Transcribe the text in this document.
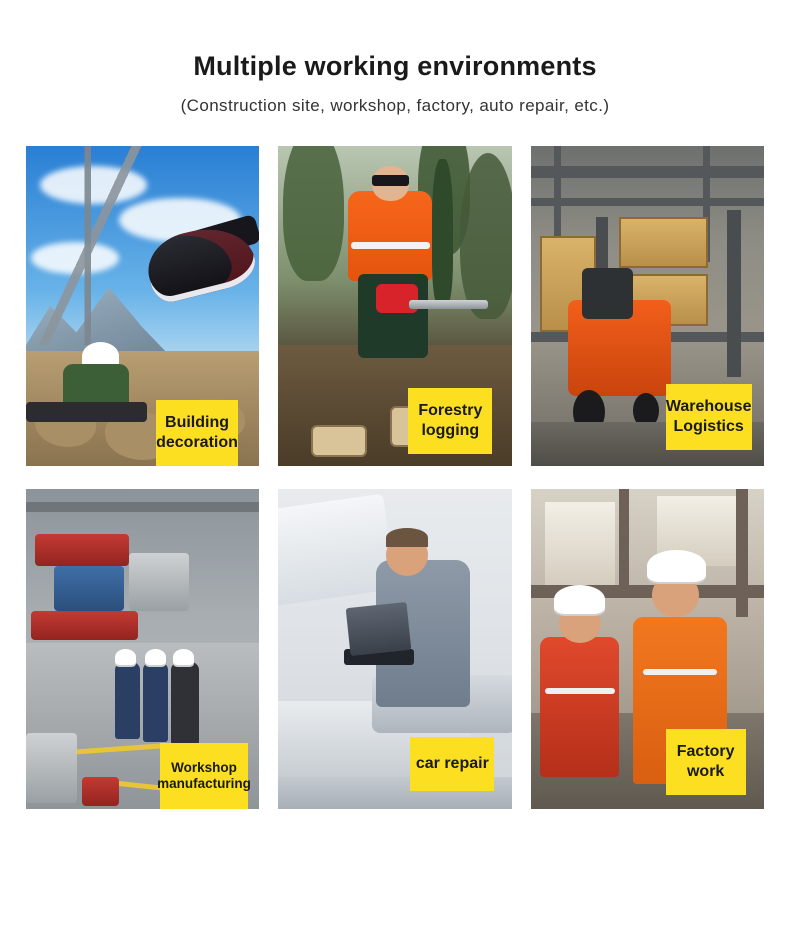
Multiple working environments
(Construction site, workshop, factory, auto repair, etc.)
Building
decoration
Forestry
logging
Warehouse
Logistics
Workshop
manufacturing
car repair
Factory
work
